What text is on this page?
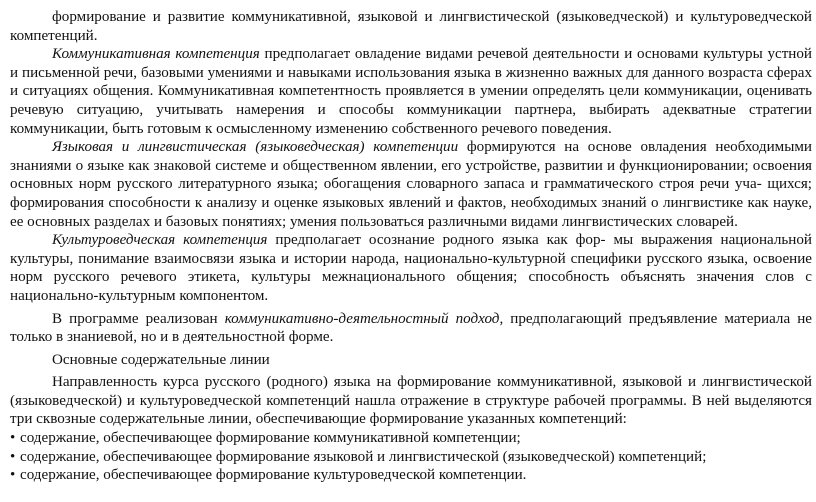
формирование и развитие коммуникативной, языковой и лингвистической (языковедческой) и культуроведческой компетенций.

Коммуникативная компетенция предполагает овладение видами речевой деятельности и основами культуры устной и письменной речи, базовыми умениями и навыками использования языка в жизненно важных для данного возраста сферах и ситуациях общения. Коммуникативная компетентность проявляется в умении определять цели коммуникации, оценивать речевую ситуацию, учитывать намерения и способы коммуникации партнера, выбирать адекватные стратегии коммуникации, быть готовым к осмысленному изменению собственного речевого поведения.

Языковая и лингвистическая (языковедческая) компетенции формируются на основе овладения необходимыми знаниями о языке как знаковой системе и общественном явлении, его устройстве, развитии и функционировании; освоения основных норм русского литературного языка; обогащения словарного запаса и грамматического строя речи уча- щихся; формирования способности к анализу и оценке языковых явлений и фактов, необходимых знаний о лингвистике как науке, ее основных разделах и базовых понятиях; умения пользоваться различными видами лингвистических словарей.

Культуроведческая компетенция предполагает осознание родного языка как фор- мы выражения национальной культуры, понимание взаимосвязи языка и истории народа, национально-культурной специфики русского языка, освоение норм русского речевого этикета, культуры межнационального общения; способность объяснять значения слов с национально-культурным компонентом.

В программе реализован коммуникативно-деятельностный подход, предполагающий предъявление материала не только в знаниевой, но и в деятельностной форме.

Основные содержательные линии

Направленность курса русского (родного) языка на формирование коммуникативной, языковой и лингвистической (языковедческой) и культуроведческой компетенций нашла отражение в структуре рабочей программы. В ней выделяются три сквозные содержательные линии, обеспечивающие формирование указанных компетенций:

• содержание, обеспечивающее формирование коммуникативной компетенции;
• содержание, обеспечивающее формирование языковой и лингвистической (языковедческой) компетенций;
• содержание, обеспечивающее формирование культуроведческой компетенции.
